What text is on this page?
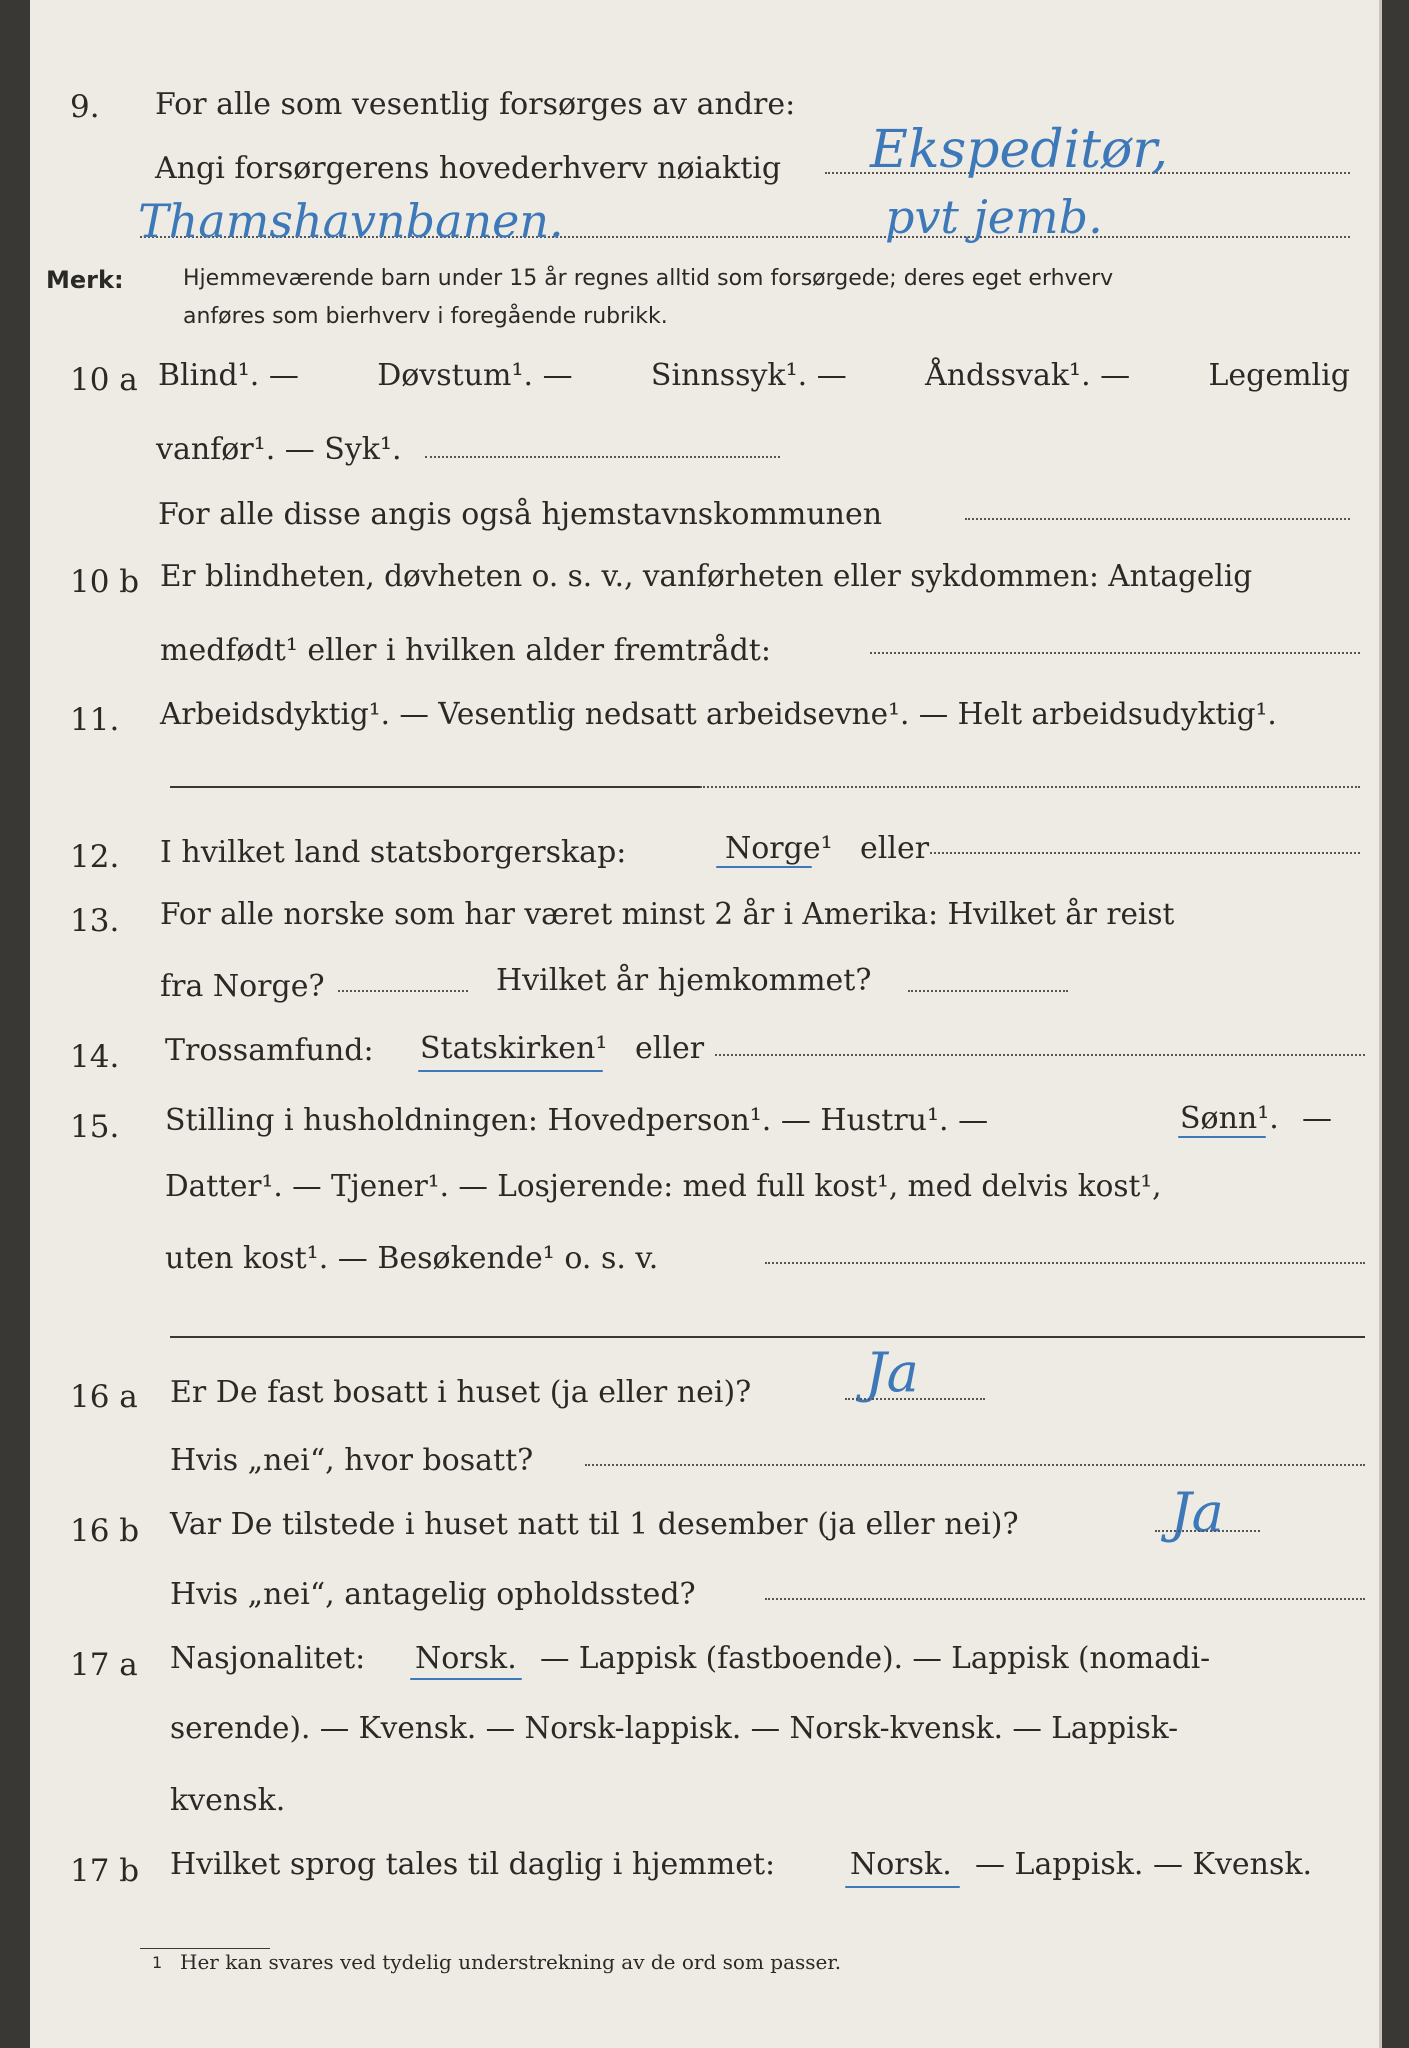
9. For alle som vesentlig forsørges av andre:
Angi forsørgerens hovederhverv nøiaktig Ekspeditør,
Thamshavnbanen.	pvt jemb.
Merk:	Hjemmeværende barn under 15 år regnes alltid som forsørgede; deres eget erhverv
anføres som bierhverv i foregående rubrikk.
10 a Blind¹. —	Døvstum¹. —	Sinnssyk¹. —	Åndssvak¹. —	Legemlig
vanfør¹. — Syk¹.
For alle disse angis også hjemstavnskommunen
10 b Er blindheten, døvheten o. s. v., vanførheten eller sykdommen: Antagelig
medfødt¹ eller i hvilken alder fremtrådt:
11. Arbeidsdyktig¹. — Vesentlig nedsatt arbeidsevne¹. — Helt arbeidsudyktig¹.
12. I hvilket land statsborgerskap:	Norge¹ eller
13. For alle norske som har været minst 2 år i Amerika: Hvilket år reist
fra Norge?	Hvilket år hjemkommet?
14. Trossamfund: Statskirken¹ eller
15. Stilling i husholdningen: Hovedperson¹. — Hustru¹. —	Sønn¹. —
Datter¹. — Tjener¹. — Losjerende: med full kost¹, med delvis kost¹,
uten kost¹. — Besøkende¹ o. s. v.
16 a Er De fast bosatt i huset (ja eller nei)? Ja
Hvis „nei“, hvor bosatt?
16 b Var De tilstede i huset natt til 1 desember (ja eller nei)?	Ja
Hvis „nei“, antagelig opholdssted?
17 a Nasjonalitet: Norsk. — Lappisk (fastboende). — Lappisk (nomadi-
serende). — Kvensk. — Norsk-lappisk. — Norsk-kvensk. — Lappisk-
kvensk.
17 b Hvilket sprog tales til daglig i hjemmet: Norsk. — Lappisk. — Kvensk.
1 Her kan svares ved tydelig understrekning av de ord som passer.
